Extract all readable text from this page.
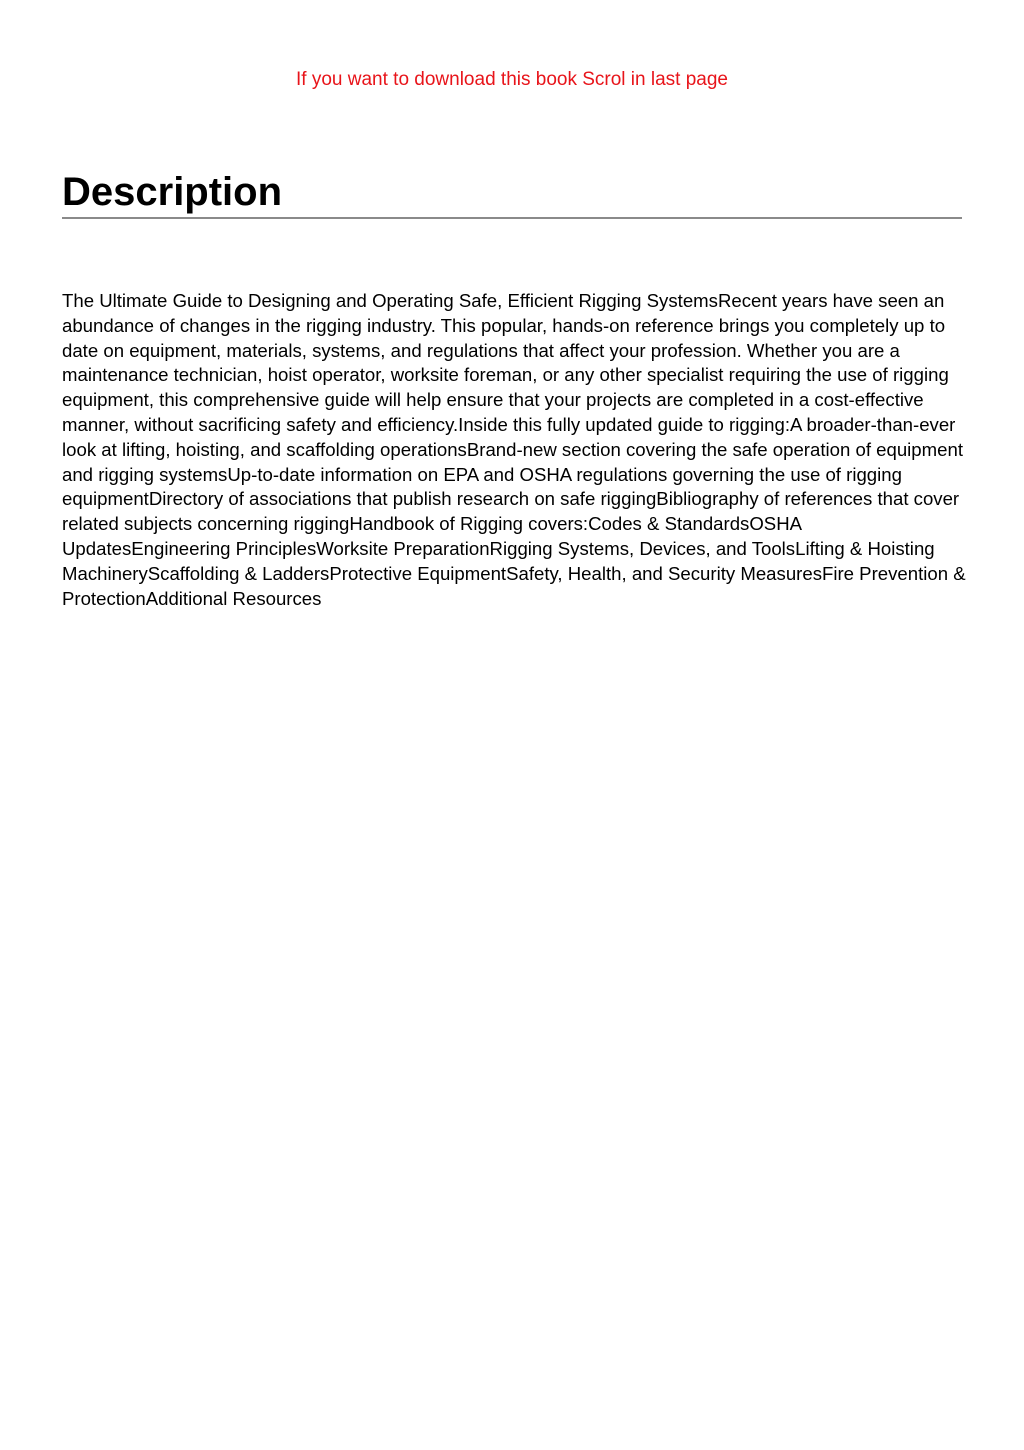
If you want to download this book Scrol in last page
Description

The Ultimate Guide to Designing and Operating Safe, Efficient Rigging SystemsRecent years have seen an abundance of changes in the rigging industry. This popular, hands-on reference brings you completely up to date on equipment, materials, systems, and regulations that affect your profession. Whether you are a maintenance technician, hoist operator, worksite foreman, or any other specialist requiring the use of rigging equipment, this comprehensive guide will help ensure that your projects are completed in a cost-effective manner, without sacrificing safety and efficiency.Inside this fully updated guide to rigging:A broader-than-ever look at lifting, hoisting, and scaffolding operationsBrand-new section covering the safe operation of equipment and rigging systemsUp-to-date information on EPA and OSHA regulations governing the use of rigging equipmentDirectory of associations that publish research on safe riggingBibliography of references that cover related subjects concerning riggingHandbook of Rigging covers:Codes & StandardsOSHA UpdatesEngineering PrinciplesWorksite PreparationRigging Systems, Devices, and ToolsLifting & Hoisting MachineryScaffolding & LaddersProtective EquipmentSafety, Health, and Security MeasuresFire Prevention & ProtectionAdditional Resources
